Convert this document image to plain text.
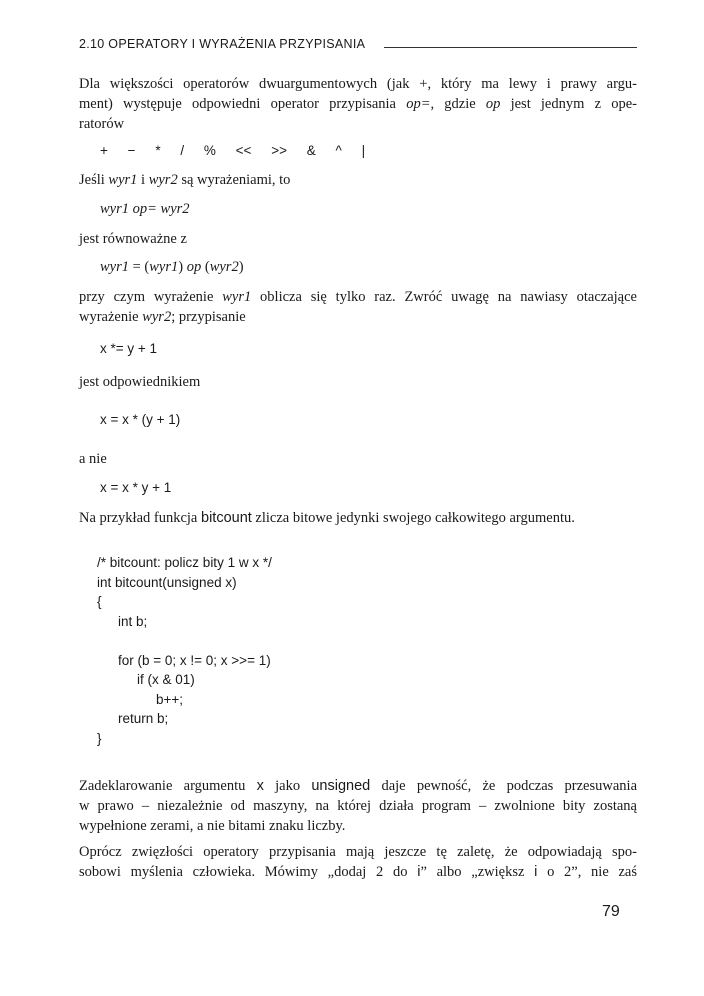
2.10 OPERATORY I WYRAŻENIA PRZYPISANIA
Dla większości operatorów dwuargumentowych (jak +, który ma lewy i prawy argu-
ment) występuje odpowiedni operator przypisania op=, gdzie op jest jednym z ope-
ratorów
+ − * / % << >> & ^ |
Jeśli wyr1 i wyr2 są wyrażeniami, to
wyr1 op= wyr2
jest równoważne z
wyr1 = (wyr1) op (wyr2)
przy czym wyrażenie wyr1 oblicza się tylko raz. Zwróć uwagę na nawiasy otaczające
wyrażenie wyr2; przypisanie
x *= y + 1
jest odpowiednikiem
x = x * (y + 1)
a nie
x = x * y + 1
Na przykład funkcja bitcount zlicza bitowe jedynki swojego całkowitego argumentu.
/* bitcount: policz bity 1 w x */
int bitcount(unsigned x)
{
int b;
for (b = 0; x != 0; x >>= 1)
if (x & 01)
b++;
return b;
}
Zadeklarowanie argumentu x jako unsigned daje pewność, że podczas przesuwania
w prawo – niezależnie od maszyny, na której działa program – zwolnione bity zostaną
wypełnione zerami, a nie bitami znaku liczby.
Oprócz zwięzłości operatory przypisania mają jeszcze tę zaletę, że odpowiadają spo-
sobowi myślenia człowieka. Mówimy „dodaj 2 do i” albo „zwiększ i o 2”, nie zaś
79
